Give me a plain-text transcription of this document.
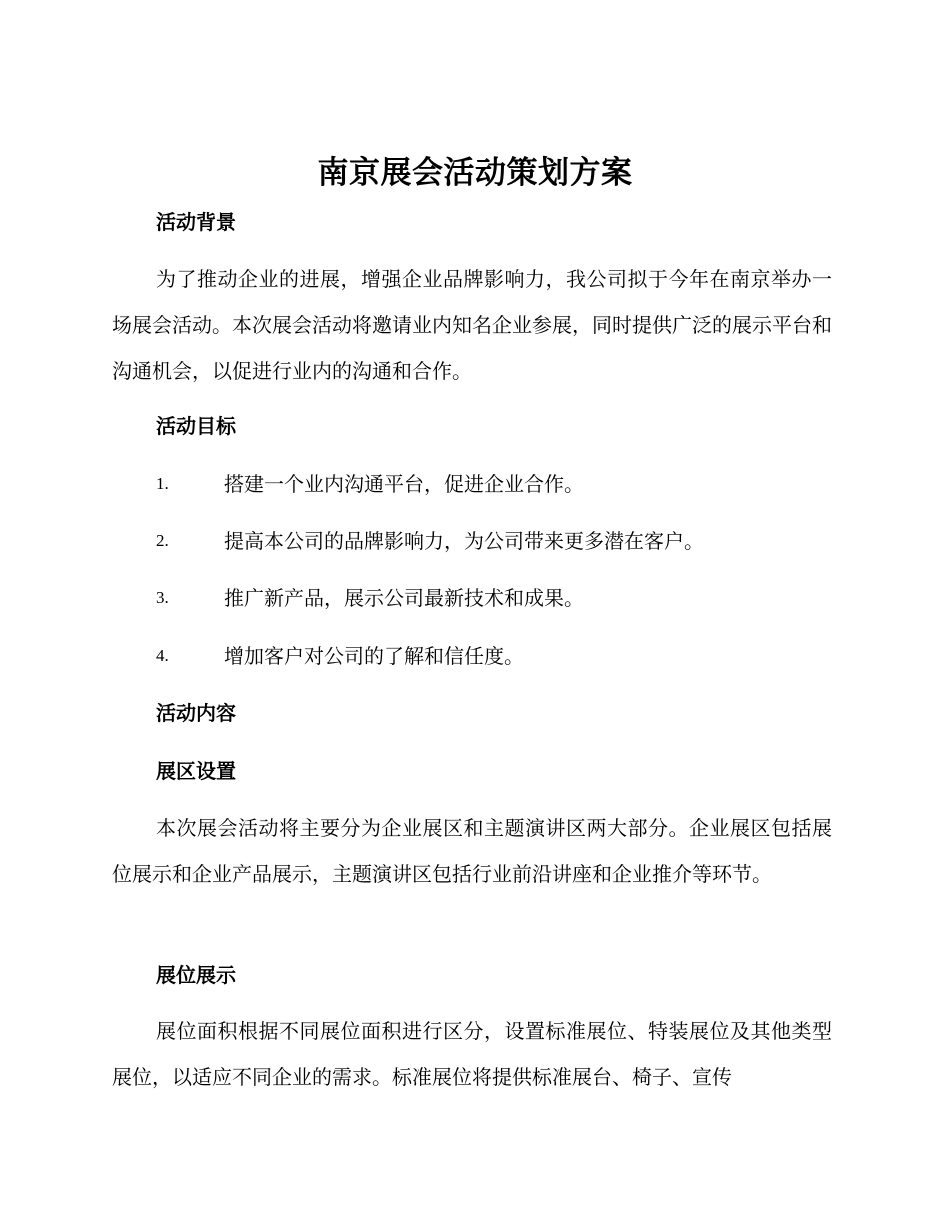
南京展会活动策划方案
活动背景

为了推动企业的进展，增强企业品牌影响力，我公司拟于今年在南京举办一场展会活动。本次展会活动将邀请业内知名企业参展，同时提供广泛的展示平台和沟通机会，以促进行业内的沟通和合作。

活动目标
1.	搭建一个业内沟通平台，促进企业合作。
2.	提高本公司的品牌影响力，为公司带来更多潜在客户。
3.	推广新产品，展示公司最新技术和成果。
4.	增加客户对公司的了解和信任度。
活动内容
展区设置

本次展会活动将主要分为企业展区和主题演讲区两大部分。企业展区包括展位展示和企业产品展示，主题演讲区包括行业前沿讲座和企业推介等环节。

展位展示

展位面积根据不同展位面积进行区分，设置标准展位、特装展位及其他类型展位，以适应不同企业的需求。标准展位将提供标准展台、椅子、宣传
